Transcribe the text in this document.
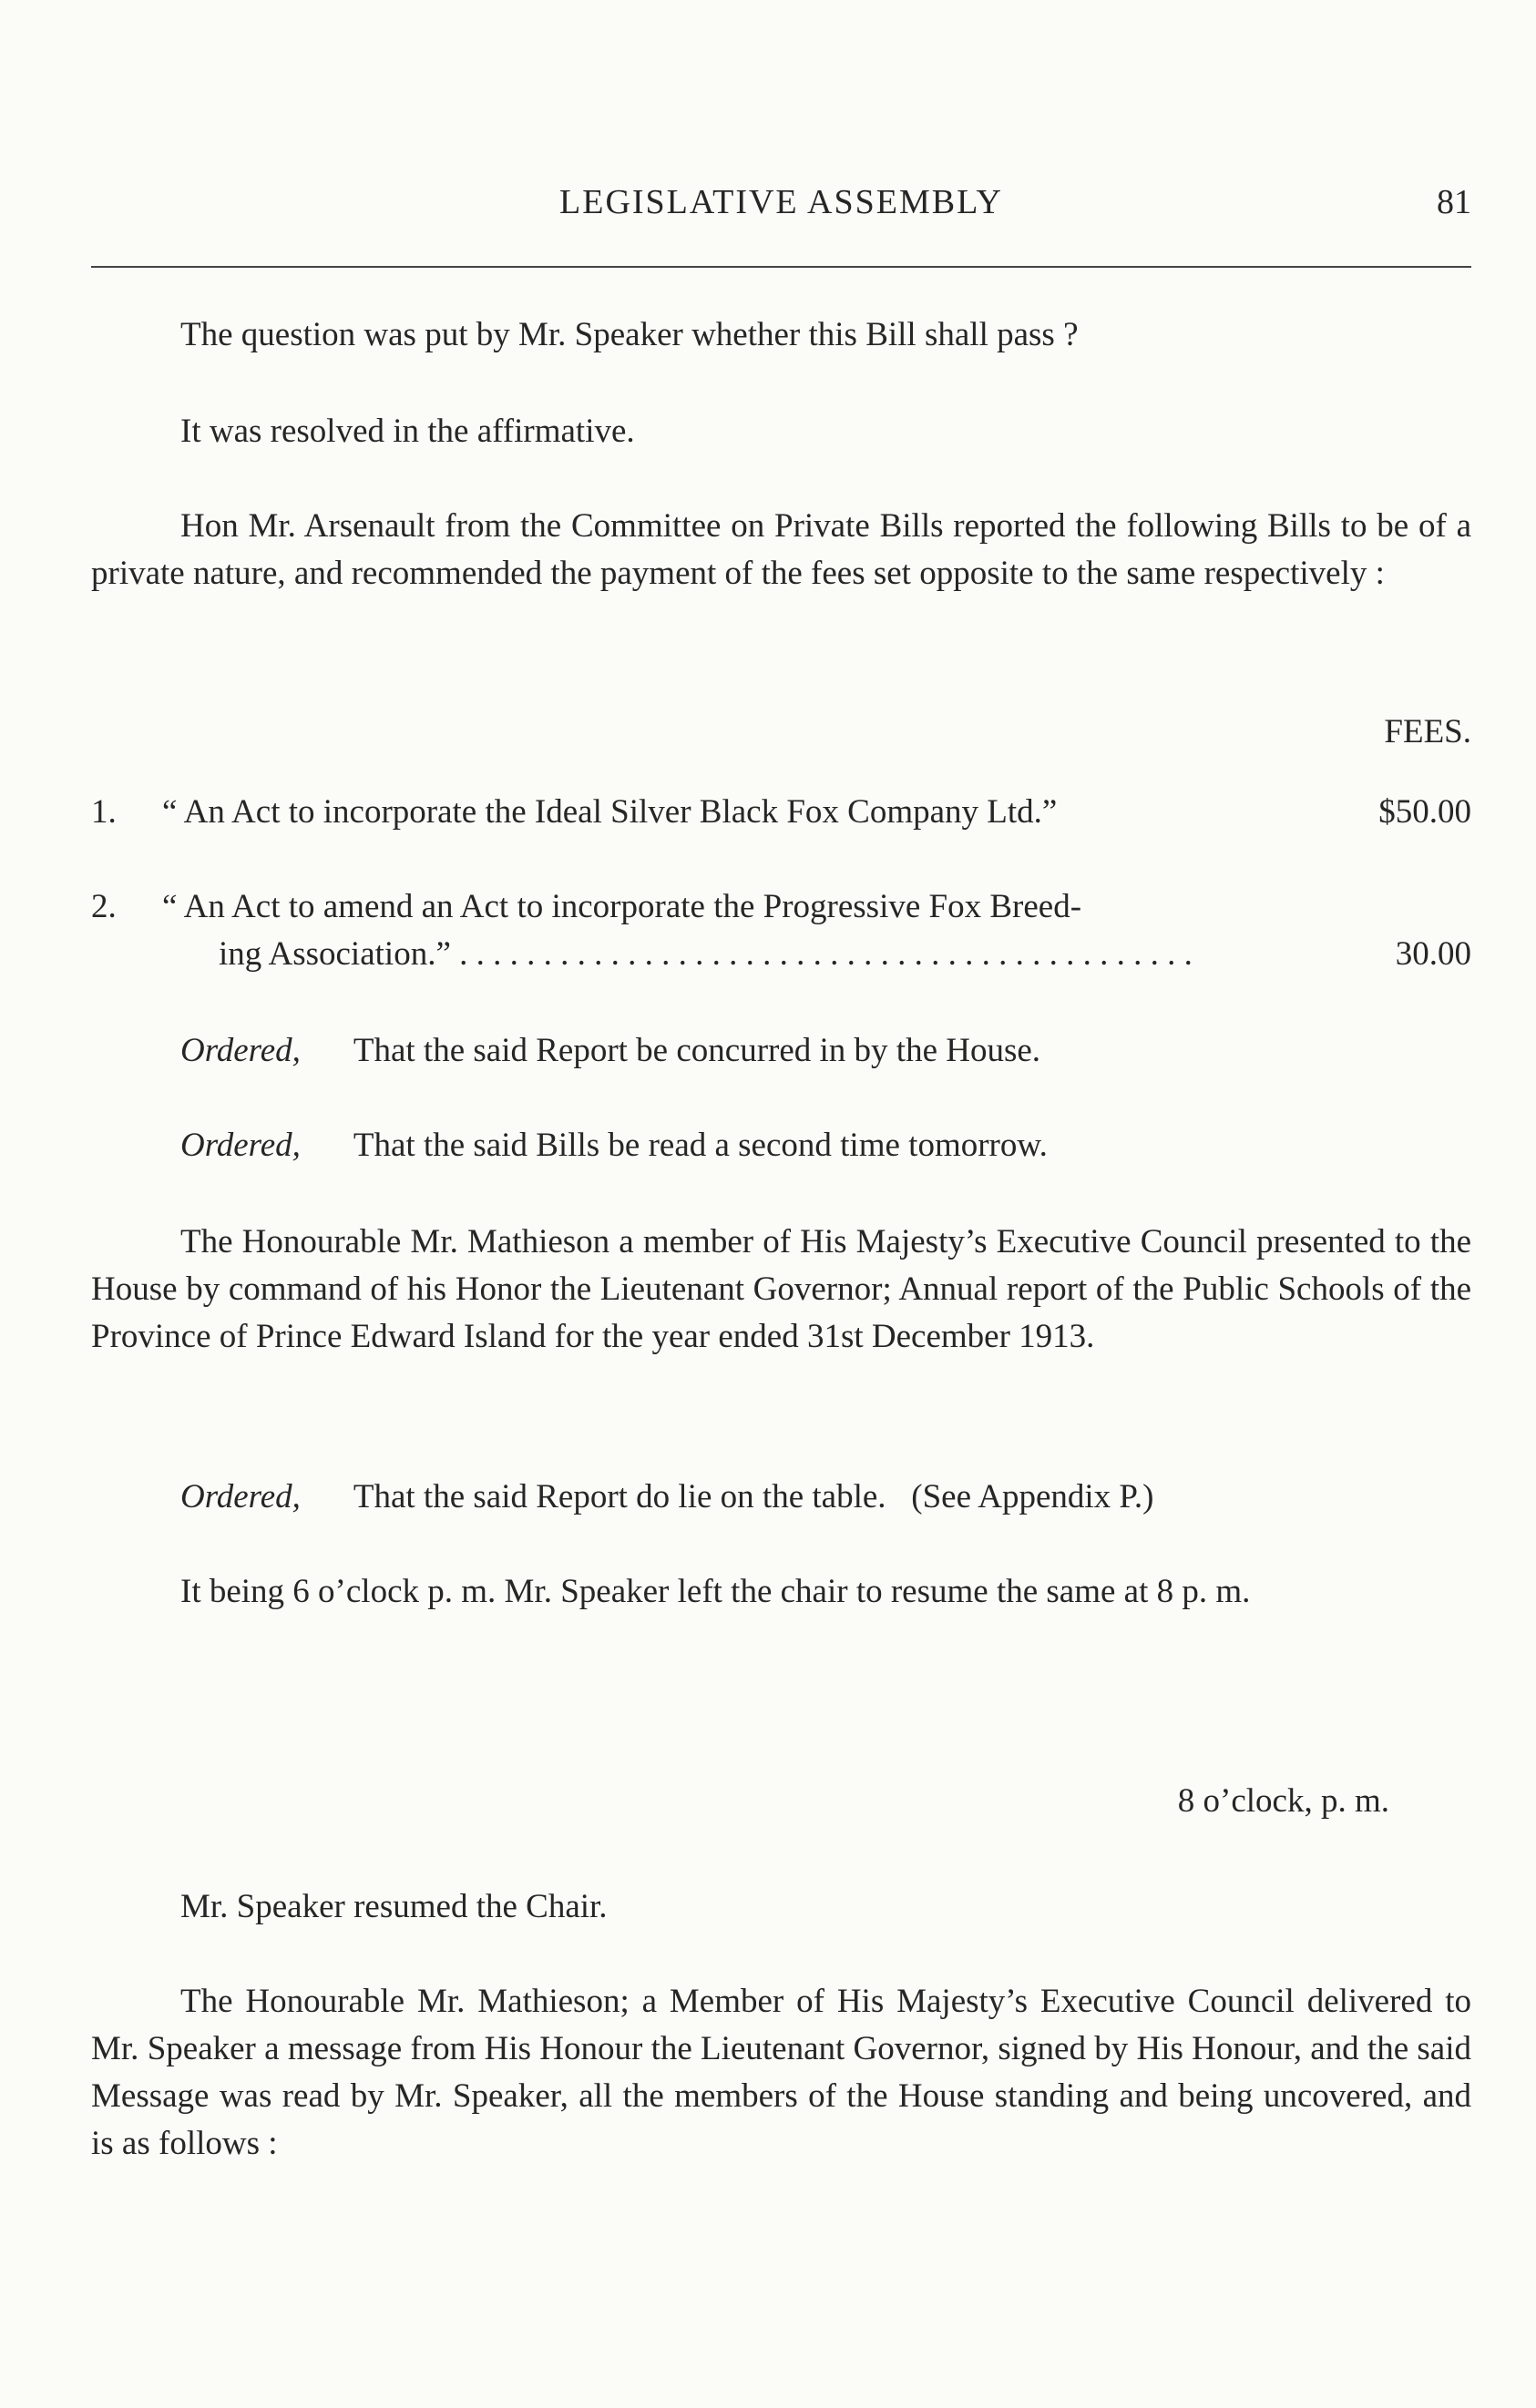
LEGISLATIVE ASSEMBLY	81
The question was put by Mr. Speaker whether this Bill shall pass ?
It was resolved in the affirmative.
Hon Mr. Arsenault from the Committee on Private Bills reported the following Bills to be of a private nature, and recommended the payment of the fees set opposite to the same respectively :
FEES.
1. “ An Act to incorporate the Ideal Silver Black Fox Company Ltd.”	$50.00
2. “ An Act to amend an Act to incorporate the Progressive Fox Breed-
ing Association.” . . . . . . . . . . . . . . . . . . . . . . . . . . . . . . . . . . . . . . . . . . . .	30.00
Ordered, That the said Report be concurred in by the House.
Ordered, That the said Bills be read a second time tomorrow.
The Honourable Mr. Mathieson a member of His Majesty’s Executive Council presented to the House by command of his Honor the Lieutenant Governor; Annual report of the Public Schools of the Province of Prince Edward Island for the year ended 31st December 1913.
Ordered, That the said Report do lie on the table.   (See Appendix P.)
It being 6 o’clock p. m. Mr. Speaker left the chair to resume the same at 8 p. m.
8 o’clock, p. m.
Mr. Speaker resumed the Chair.
The Honourable Mr. Mathieson; a Member of His Majesty’s Executive Council delivered to Mr. Speaker a message from His Honour the Lieutenant Governor, signed by His Honour, and the said Message was read by Mr. Speaker, all the members of the House standing and being uncovered, and is as follows :
